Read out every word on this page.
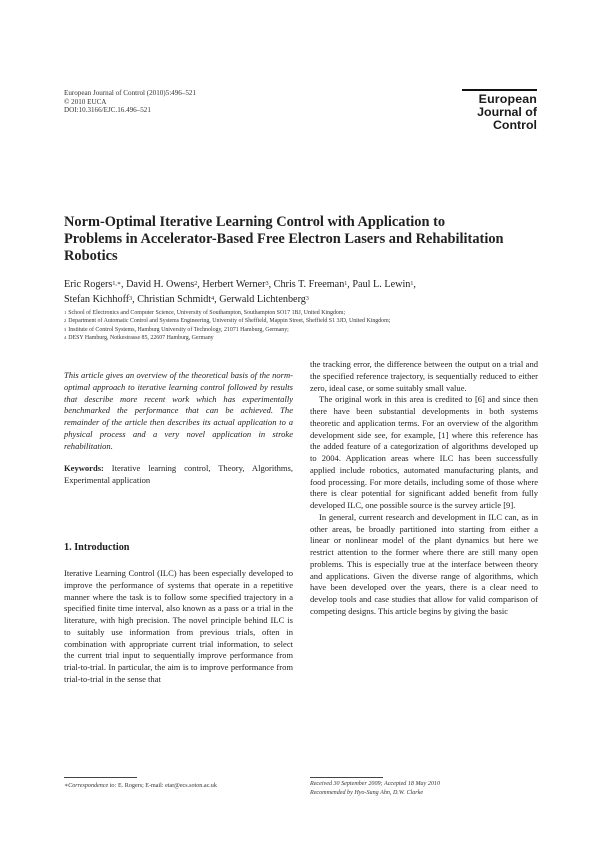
European Journal of Control (2010)5:496–521
© 2010 EUCA
DOI:10.3166/EJC.16.496–521
European
Journal of
Control
Norm-Optimal Iterative Learning Control with Application to Problems in Accelerator-Based Free Electron Lasers and Rehabilitation Robotics
Eric Rogers$^{1,∗}$, David H. Owens$^2$, Herbert Werner$^3$, Chris T. Freeman$^1$, Paul L. Lewin$^1$,
Stefan Kichhoff$^3$, Christian Schmidt$^4$, Gerwald Lichtenberg$^3$
$^1$ School of Electronics and Computer Science, University of Southampton, Southampton SO17 1BJ, United Kingdom;
$^2$ Department of Automatic Control and Systems Engineering, University of Sheffield, Mappin Street, Sheffield S1 3JD, United Kingdom;
$^3$ Institute of Control Systems, Hamburg University of Technology, 21071 Hamburg, Germany;
$^4$ DESY Hamburg, Notkestrasse 85, 22607 Hamburg, Germany

This article gives an overview of the theoretical basis of the norm-optimal approach to iterative learning control followed by results that describe more recent work which has experimentally benchmarked the performance that can be achieved. The remainder of the article then describes its actual application to a physical process and a very novel application in stroke rehabilitation.

Keywords: Iterative learning control, Theory, Algorithms, Experimental application

1. Introduction

Iterative Learning Control (ILC) has been especially developed to improve the performance of systems that operate in a repetitive manner where the task is to follow some specified trajectory in a specified finite time interval, also known as a pass or a trial in the literature, with high precision. The novel principle behind ILC is to suitably use information from previous trials, often in combination with appropriate current trial information, to select the current trial input to sequentially improve performance from trial-to-trial. In particular, the aim is to improve performance from trial-to-trial in the sense that

the tracking error, the difference between the output on a trial and the specified reference trajectory, is sequentially reduced to either zero, ideal case, or some suitably small value.

The original work in this area is credited to [6] and since then there have been substantial developments in both systems theoretic and application terms. For an overview of the algorithm development side see, for example, [1] where this reference has the added feature of a categorization of algorithms developed up to 2004. Application areas where ILC has been successfully applied include robotics, automated manufacturing plants, and food processing. For more details, including some of those where there is clear potential for significant added benefit from fully developed ILC, one possible source is the survey article [9].

In general, current research and development in ILC can, as in other areas, be broadly partitioned into starting from either a linear or nonlinear model of the plant dynamics but here we restrict attention to the former where there are still many open problems. This is especially true at the interface between theory and applications. Given the diverse range of algorithms, which have been developed over the years, there is a clear need to develop tools and case studies that allow for valid comparison of competing designs. This article begins by giving the basic

∗Correspondence to: E. Rogers; E-mail: etar@ecs.soton.ac.uk	Received 30 September 2009; Accepted 18 May 2010
Recommended by Hyo-Sung Ahn, D.W. Clarke
